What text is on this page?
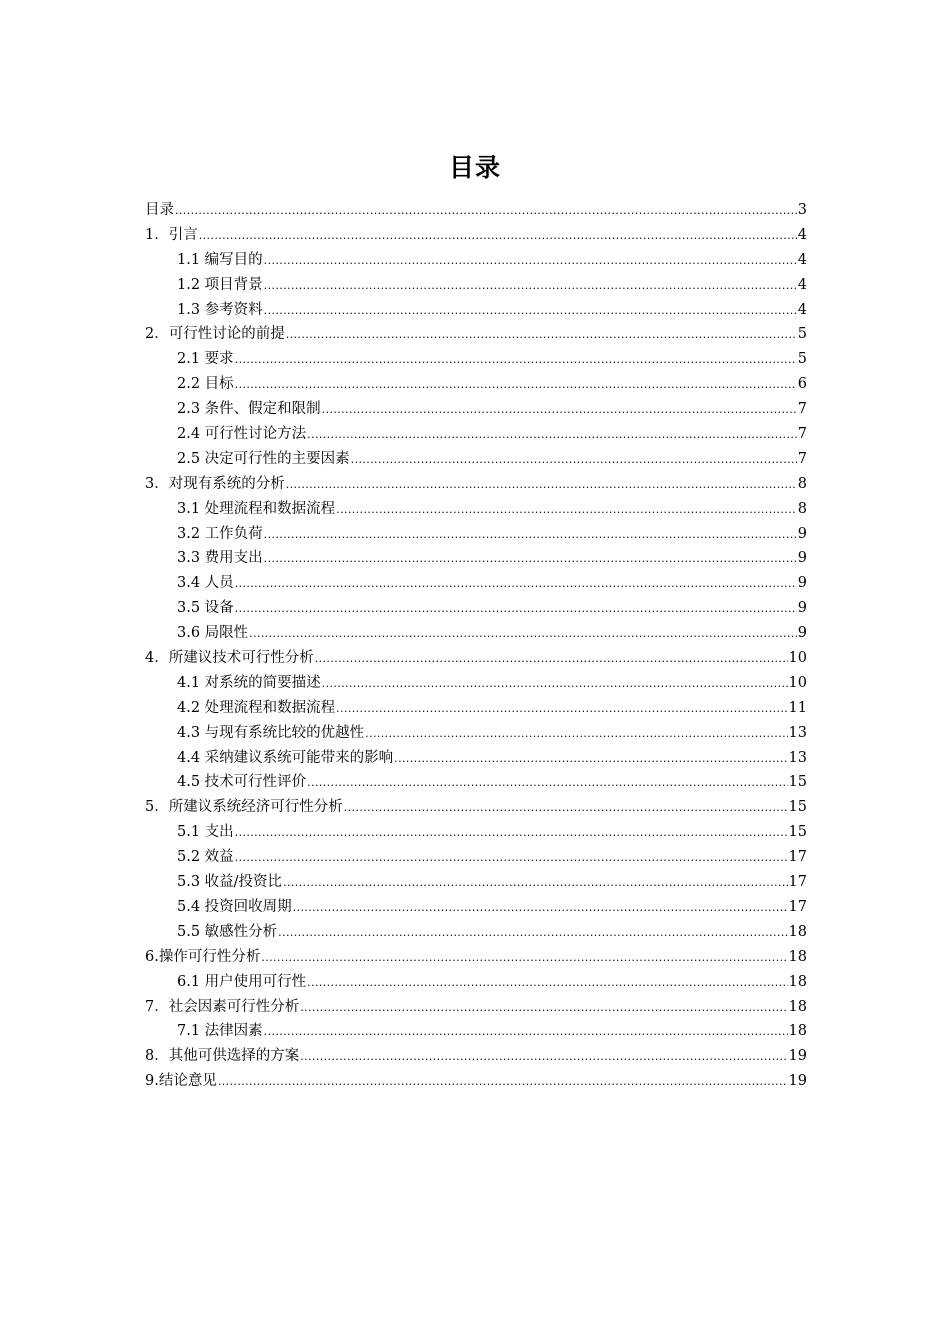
目录
目录 .....	3
1．引言 .....	4
1.1 编写目的 .....	4
1.2 项目背景 .....	4
1.3 参考资料 .....	4
2．可行性讨论的前提 .....	5
2.1 要求 .....	5
2.2 目标 .....	6
2.3 条件、假定和限制 .....	7
2.4 可行性讨论方法 .....	7
2.5 决定可行性的主要因素 .....	7
3．对现有系统的分析 .....	8
3.1 处理流程和数据流程 .....	8
3.2 工作负荷 .....	9
3.3 费用支出 .....	9
3.4 人员 .....	9
3.5 设备 .....	9
3.6 局限性 .....	9
4．所建议技术可行性分析 .....	10
4.1 对系统的简要描述 .....	10
4.2 处理流程和数据流程 .....	11
4.3 与现有系统比较的优越性 .....	13
4.4 采纳建议系统可能带来的影响 .....	13
4.5 技术可行性评价 .....	15
5．所建议系统经济可行性分析 .....	15
5.1 支出 .....	15
5.2 效益 .....	17
5.3 收益/投资比 .....	17
5.4 投资回收周期 .....	17
5.5 敏感性分析 .....	18
6.操作可行性分析 .....	18
6.1 用户使用可行性 .....	18
7．社会因素可行性分析 .....	18
7.1 法律因素 .....	18
8．其他可供选择的方案 .....	19
9.结论意见 .....	19
